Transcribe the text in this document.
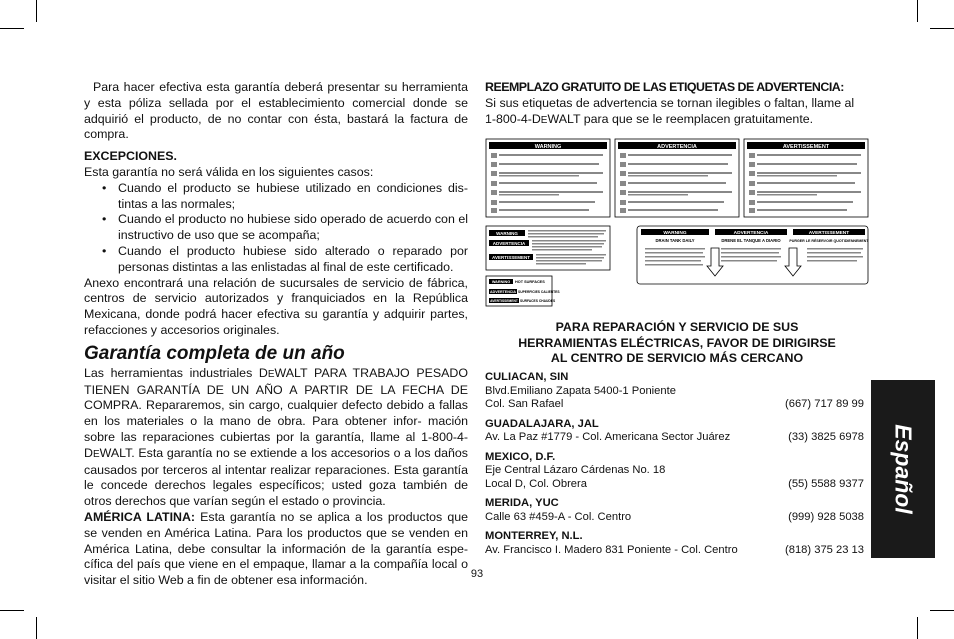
Para hacer efectiva esta garantía deberá presentar su herramienta y esta póliza sellada por el establecimiento comercial donde se adquirió el producto, de no contar con ésta, bastará la factura de compra.

EXCEPCIONES.

Esta garantía no será válida en los siguientes casos:

• Cuando el producto se hubiese utilizado en condiciones dis- tintas a las normales;
• Cuando el producto no hubiese sido operado de acuerdo con el instructivo de uso que se acompaña;
• Cuando el producto hubiese sido alterado o reparado por personas distintas a las enlistadas al final de este certificado.

Anexo encontrará una relación de sucursales de servicio de fábrica, centros de servicio autorizados y franquiciados en la República Mexicana, donde podrá hacer efectiva su garantía y adquirir partes, refacciones y accesorios originales.

Garantía completa de un año

Las herramientas industriales DEWALT PARA TRABAJO PESADO TIENEN GARANTÍA DE UN AÑO A PARTIR DE LA FECHA DE COMPRA. Repararemos, sin cargo, cualquier defecto debido a fallas en los materiales o la mano de obra. Para obtener infor- mación sobre las reparaciones cubiertas por la garantía, llame al 1-800-4-DEWALT. Esta garantía no se extiende a los accesorios o a los daños causados por terceros al intentar realizar reparaciones. Esta garantía le concede derechos legales específicos; usted goza también de otros derechos que varían según el estado o provincia.

AMÉRICA LATINA: Esta garantía no se aplica a los productos que se venden en América Latina. Para los productos que se venden en América Latina, debe consultar la información de la garantía espe- cífica del país que viene en el empaque, llamar a la compañía local o visitar el sitio Web a fin de obtener esa información.

REEMPLAZO GRATUITO DE LAS ETIQUETAS DE ADVERTENCIA:

Si sus etiquetas de advertencia se tornan ilegibles o faltan, llame al 1-800-4-DEWALT para que se le reemplacen gratuitamente.

WARNING	ADVERTENCIA	AVERTISSEMENT
WARNING
ADVERTENCIA
AVERTISSEMENT
WARNING HOT SURFACES
ADVERTENCIA SUPERFICIES CALIENTES
AVERTISSEMENT SURFACES CHAUDES
WARNING	ADVERTENCIA	AVERTISSEMENT
DRAIN TANK DAILY	DRENE EL TANQUE A DIARIO PURGER LE RÉSERVOIR QUOTIDIENNEMENT
PARA REPARACIÓN Y SERVICIO DE SUS
HERRAMIENTAS ELÉCTRICAS, FAVOR DE DIRIGIRSE
AL CENTRO DE SERVICIO MÁS CERCANO
CULIACAN, SIN
Blvd.Emiliano Zapata 5400-1 Poniente
Col. San Rafael	(667) 717 89 99
GUADALAJARA, JAL
Av. La Paz #1779 - Col. Americana Sector Juárez	(33) 3825 6978
MEXICO, D.F.
Eje Central Lázaro Cárdenas No. 18
Local D, Col. Obrera	(55) 5588 9377
MERIDA, YUC
Calle 63 #459-A - Col. Centro	(999) 928 5038
MONTERREY, N.L.
Av. Francisco I. Madero 831 Poniente - Col. Centro	(818) 375 23 13
Español
93
